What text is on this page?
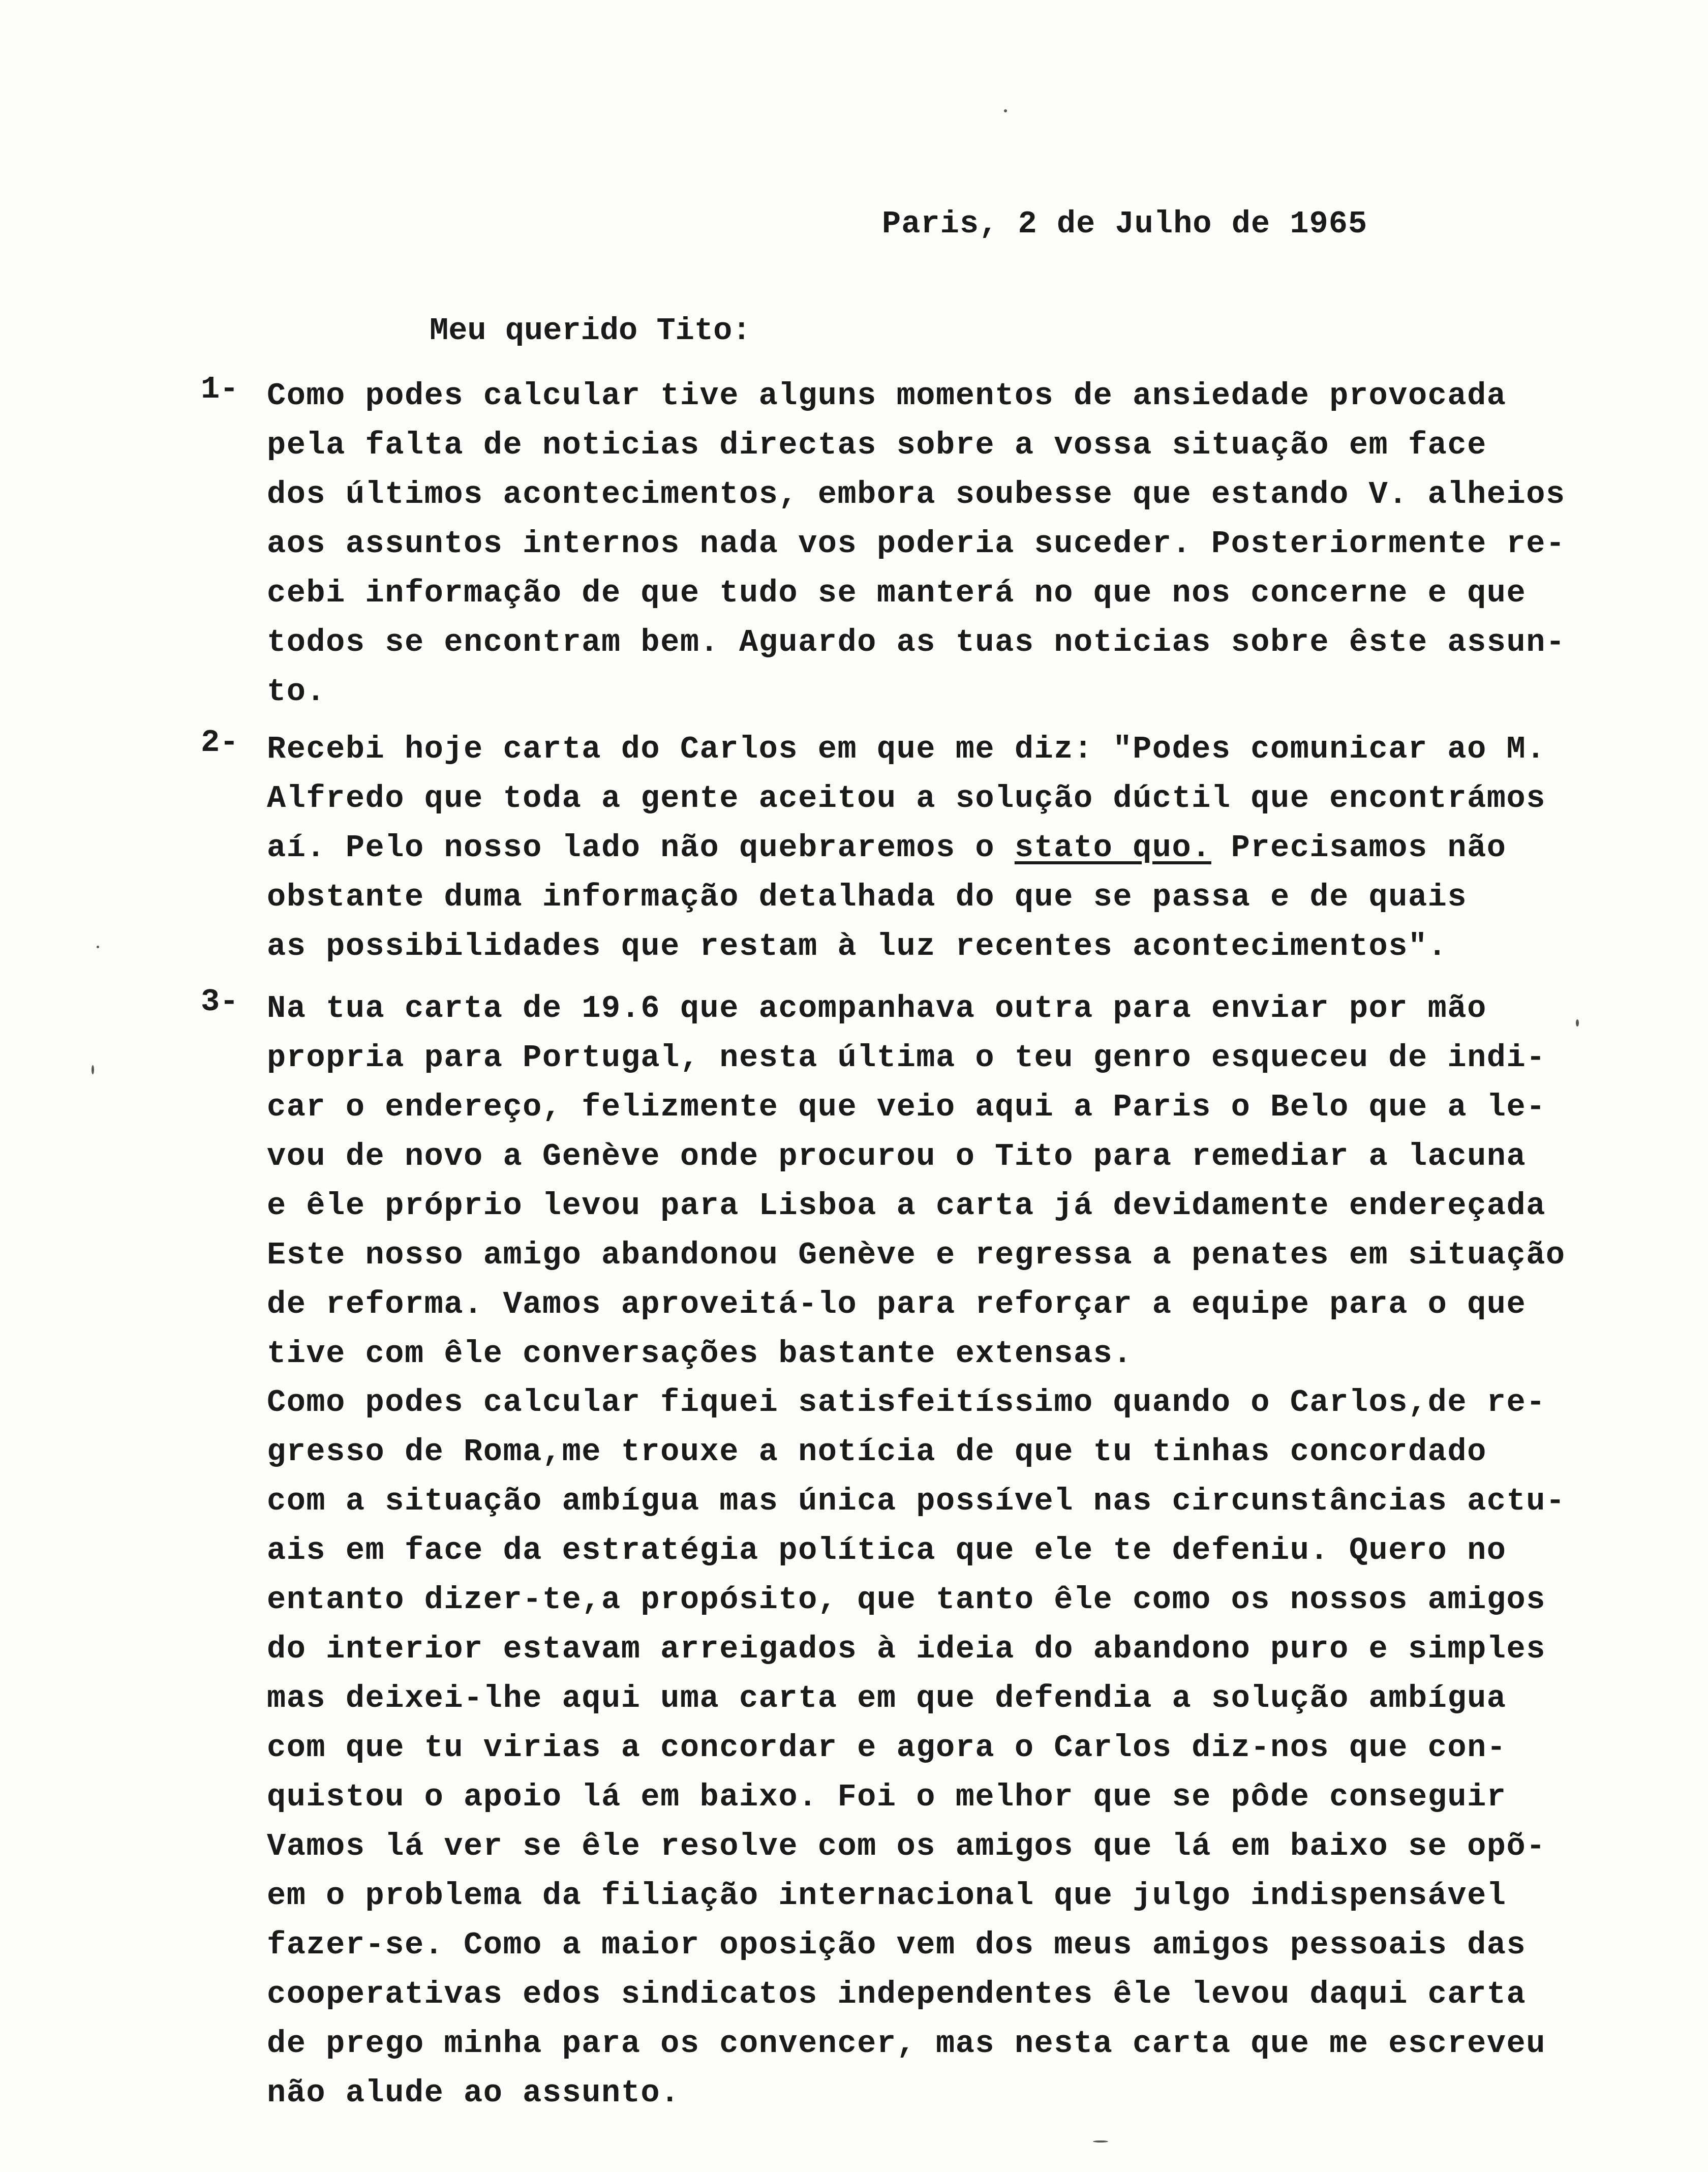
Paris, 2 de Julho de 1965
Meu querido Tito:
1- Como podes calcular tive alguns momentos de ansiedade provocada
pela falta de noticias directas sobre a vossa situação em face
dos últimos acontecimentos, embora soubesse que estando V. alheios
aos assuntos internos nada vos poderia suceder. Posteriormente re-
cebi informação de que tudo se manterá no que nos concerne e que
todos se encontram bem. Aguardo as tuas noticias sobre êste assun-
to.
2- Recebi hoje carta do Carlos em que me diz: "Podes comunicar ao M.
Alfredo que toda a gente aceitou a solução dúctil que encontrámos
aí. Pelo nosso lado não quebraremos o stato quo. Precisamos não
obstante duma informação detalhada do que se passa e de quais
as possibilidades que restam à luz recentes acontecimentos".
3- Na tua carta de 19.6 que acompanhava outra para enviar por mão
propria para Portugal, nesta última o teu genro esqueceu de indi-
car o endereço, felizmente que veio aqui a Paris o Belo que a le-
vou de novo a Genève onde procurou o Tito para remediar a lacuna
e êle próprio levou para Lisboa a carta já devidamente endereçada
Este nosso amigo abandonou Genève e regressa a penates em situação
de reforma. Vamos aproveitá-lo para reforçar a equipe para o que
tive com êle conversações bastante extensas.
Como podes calcular fiquei satisfeitíssimo quando o Carlos,de re-
gresso de Roma,me trouxe a notícia de que tu tinhas concordado
com a situação ambígua mas única possível nas circunstâncias actu-
ais em face da estratégia política que ele te defeniu. Quero no
entanto dizer-te,a propósito, que tanto êle como os nossos amigos
do interior estavam arreigados à ideia do abandono puro e simples
mas deixei-lhe aqui uma carta em que defendia a solução ambígua
com que tu virias a concordar e agora o Carlos diz-nos que con-
quistou o apoio lá em baixo. Foi o melhor que se pôde conseguir
Vamos lá ver se êle resolve com os amigos que lá em baixo se opõ-
em o problema da filiação internacional que julgo indispensável
fazer-se. Como a maior oposição vem dos meus amigos pessoais das
cooperativas edos sindicatos independentes êle levou daqui carta
de prego minha para os convencer, mas nesta carta que me escreveu
não alude ao assunto.
